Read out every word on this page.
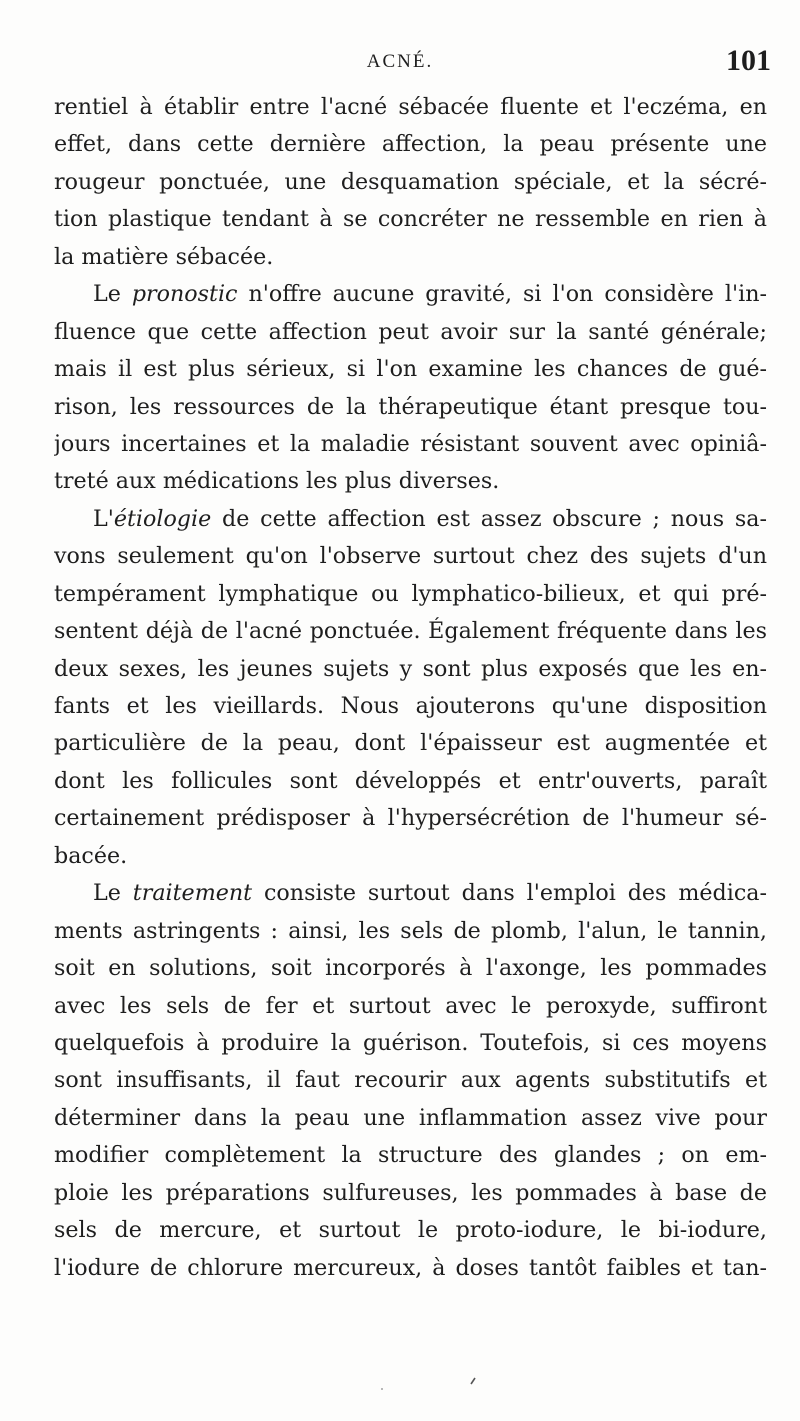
ACNÉ.	101
rentiel à établir entre l'acné sébacée fluente et l'eczéma, en
effet, dans cette dernière affection, la peau présente une
rougeur ponctuée, une desquamation spéciale, et la sécré-
tion plastique tendant à se concréter ne ressemble en rien à
la matière sébacée.
Le pronostic n'offre aucune gravité, si l'on considère l'in-
fluence que cette affection peut avoir sur la santé générale;
mais il est plus sérieux, si l'on examine les chances de gué-
rison, les ressources de la thérapeutique étant presque tou-
jours incertaines et la maladie résistant souvent avec opiniâ-
treté aux médications les plus diverses.
L'étiologie de cette affection est assez obscure ; nous sa-
vons seulement qu'on l'observe surtout chez des sujets d'un
tempérament lymphatique ou lymphatico-bilieux, et qui pré-
sentent déjà de l'acné ponctuée. Également fréquente dans les
deux sexes, les jeunes sujets y sont plus exposés que les en-
fants et les vieillards. Nous ajouterons qu'une disposition
particulière de la peau, dont l'épaisseur est augmentée et
dont les follicules sont développés et entr'ouverts, paraît
certainement prédisposer à l'hypersécrétion de l'humeur sé-
bacée.
Le traitement consiste surtout dans l'emploi des médica-
ments astringents : ainsi, les sels de plomb, l'alun, le tannin,
soit en solutions, soit incorporés à l'axonge, les pommades
avec les sels de fer et surtout avec le peroxyde, suffiront
quelquefois à produire la guérison. Toutefois, si ces moyens
sont insuffisants, il faut recourir aux agents substitutifs et
déterminer dans la peau une inflammation assez vive pour
modifier complètement la structure des glandes ; on em-
ploie les préparations sulfureuses, les pommades à base de
sels de mercure, et surtout le proto-iodure, le bi-iodure,
l'iodure de chlorure mercureux, à doses tantôt faibles et tan-
